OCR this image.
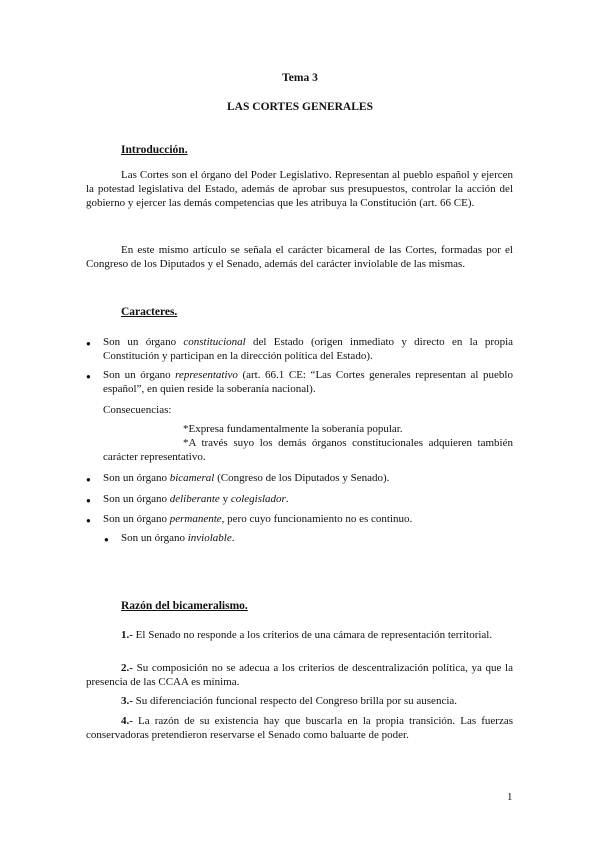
Tema 3
LAS CORTES GENERALES
Introducción.

Las Cortes son el órgano del Poder Legislativo. Representan al pueblo español y ejercen la potestad legislativa del Estado, además de aprobar sus presupuestos, controlar la acción del gobierno y ejercer las demás competencias que les atribuya la Constitución (art. 66 CE).

En este mismo artículo se señala el carácter bicameral de las Cortes, formadas por el Congreso de los Diputados y el Senado, además del carácter inviolable de las mismas.

Caracteres.
Son un órgano constitucional del Estado (origen inmediato y directo en la propia Constitución y participan en la dirección política del Estado).
Son un órgano representativo (art. 66.1 CE: “Las Cortes generales representan al pueblo español”, en quien reside la soberanía nacional).
Consecuencias:
*Expresa fundamentalmente la soberanía popular.
*A través suyo los demás órganos constitucionales adquieren también carácter representativo.
Son un órgano bicameral (Congreso de los Diputados y Senado).
Son un órgano deliberante y colegislador.
Son un órgano permanente, pero cuyo funcionamiento no es continuo.
Son un órgano inviolable.
Razón del bicameralismo.

1.- El Senado no responde a los criterios de una cámara de representación territorial.

2.- Su composición no se adecua a los criterios de descentralización política, ya que la presencia de las CCAA es mínima.

3.- Su diferenciación funcional respecto del Congreso brilla por su ausencia.

4.- La razón de su existencia hay que buscarla en la propia transición. Las fuerzas conservadoras pretendieron reservarse el Senado como baluarte de poder.

1
